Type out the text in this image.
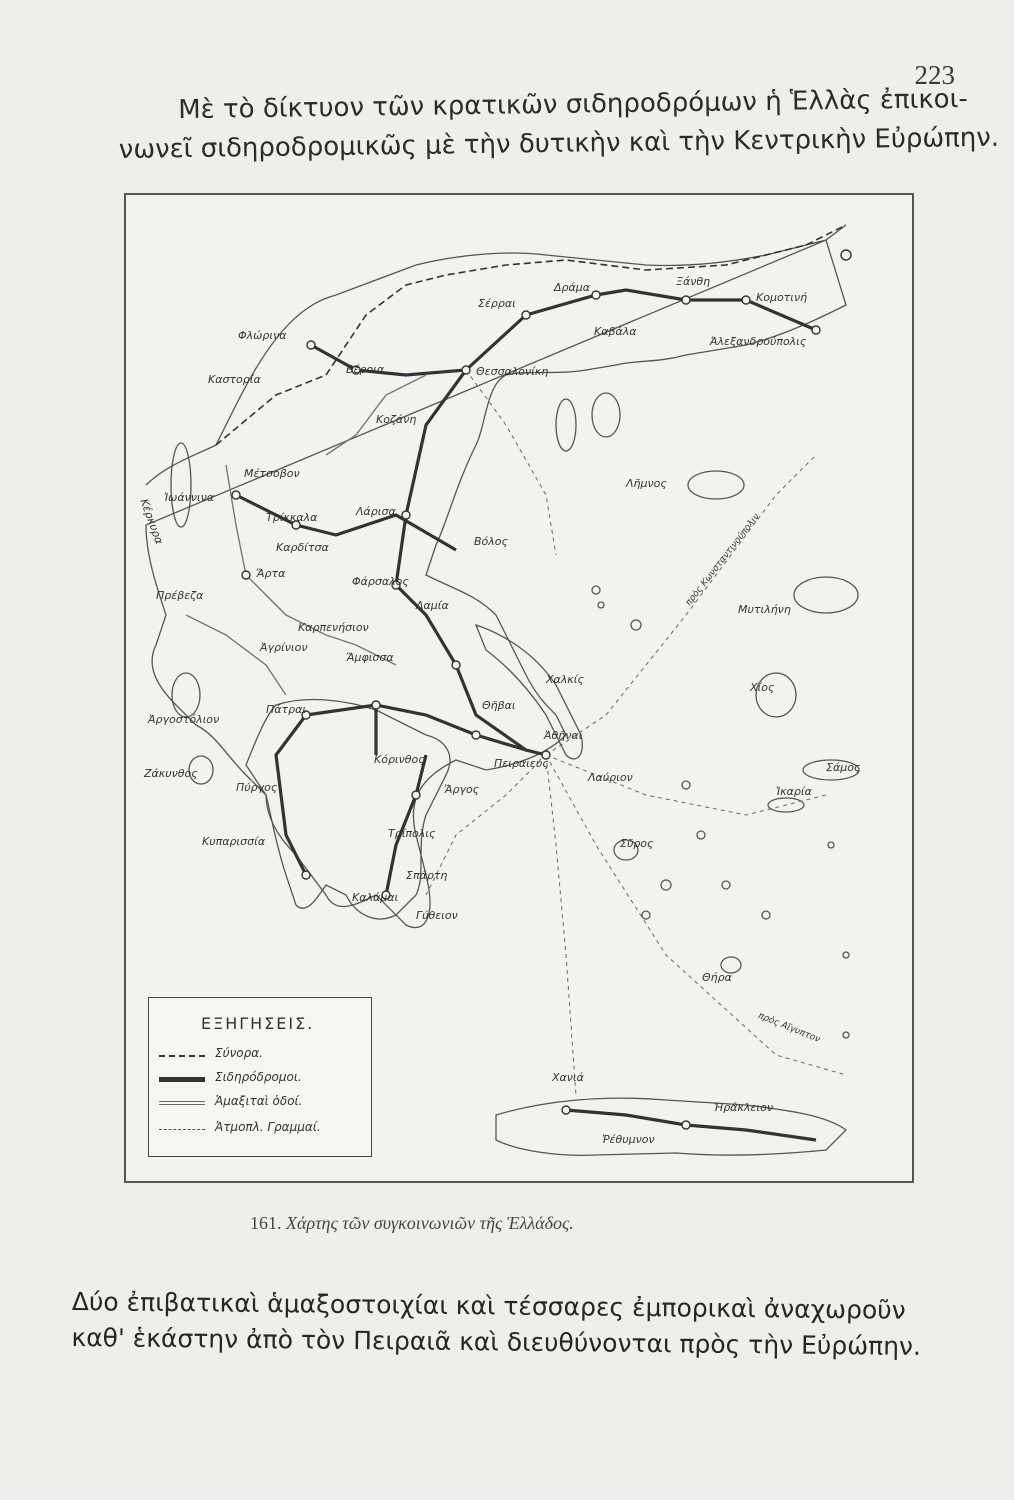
223
Μὲ τὸ δίκτυον τῶν κρατικῶν σιδηροδρόμων ἡ Ἑλλὰς ἐπικοι-
νωνεῖ σιδηροδρομικῶς μὲ τὴν δυτικὴν καὶ τὴν Κεντρικὴν Εὐρώπην.
Σέρραι
Δράμα	Ξάνθη
Κομοτινή
Καβάλα
Ἀλεξανδρούπολις
Φλώρινα
Βέροια	Θεσσαλονίκη
Καστορία
Κοζάνη
Λῆμνος
Μέτσοβον
Ἰωάννινα
Κέρκυρα	Τρίκκαλα	Λάρισα
Βόλος
Καρδίτσα
Ἄρτα
Φάρσαλος
Πρέβεζα
Λαμία	Μυτιλήνη
Καρπενήσιον
Ἀγρίνιον
Ἄμφισσα
Χαλκίς
Χίος
Ἀργοστόλιον
Πάτραι	Θῆβαι
Ἀθῆναι
Ζάκυνθος
Κόρινθος	Πειραιεύς
Λαύριον
Σάμος
Ἰκαρία
Πύργος	Ἄργος
Κυπαρισσία
Τρίπολις
Σῦρος
Σπάρτη
Καλάμαι
Γύθειον
Θήρα
Χανιά
Ἡράκλειον
Ῥέθυμνον
πρὸς Κωνσταντινούπολιν
πρὸς Αἴγυπτον
ΕΞΗΓΗΣΕΙΣ.
Σύνορα.
Σιδηρόδρομοι.
Ἁμαξιταὶ ὁδοί.
Ἀτμοπλ. Γραμμαί.
161. Χάρτης τῶν συγκοινωνιῶν τῆς Ἑλλάδος.
Δύο ἐπιβατικαὶ ἁμαξοστοιχίαι καὶ τέσσαρες ἐμπορικαὶ ἀναχωροῦν
καθ' ἑκάστην ἀπὸ τὸν Πειραιᾶ καὶ διευθύνονται πρὸς τὴν Εὐρώπην.
